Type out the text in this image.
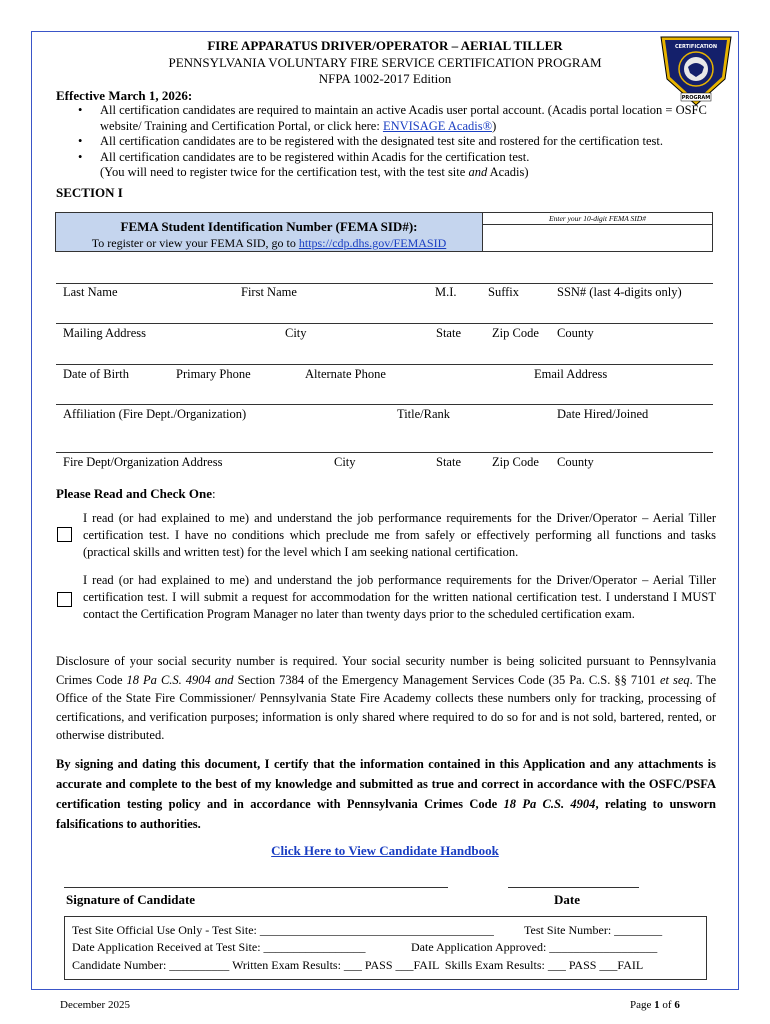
FIRE APPARATUS DRIVER/OPERATOR – AERIAL TILLER
PENNSYLVANIA VOLUNTARY FIRE SERVICE CERTIFICATION PROGRAM
NFPA 1002-2017 Edition
CERTIFICATION
PROGRAM
Effective March 1, 2026:
• All certification candidates are required to maintain an active Acadis user portal account. (Acadis portal location = OSFC website/ Training and Certification Portal, or click here: ENVISAGE Acadis®)
• All certification candidates are to be registered with the designated test site and rostered for the certification test.
• All certification candidates are to be registered within Acadis for the certification test.
(You will need to register twice for the certification test, with the test site and Acadis)
SECTION I
FEMA Student Identification Number (FEMA SID#):
To register or view your FEMA SID, go to https://cdp.dhs.gov/FEMASID
Enter your 10-digit FEMA SID#
Last Name	First Name	M.I.	Suffix	SSN# (last 4-digits only)
Mailing Address	City	State Zip Code County
Date of Birth	Primary Phone	Alternate Phone	Email Address
Affiliation (Fire Dept./Organization)	Title/Rank	Date Hired/Joined
Fire Dept/Organization Address	City	State Zip Code County
Please Read and Check One:
I read (or had explained to me) and understand the job performance requirements for the Driver/Operator – Aerial Tiller certification test. I have no conditions which preclude me from safely or effectively performing all functions and tasks (practical skills and written test) for the level which I am seeking national certification.
I read (or had explained to me) and understand the job performance requirements for the Driver/Operator – Aerial Tiller certification test. I will submit a request for accommodation for the written national certification test. I understand I MUST contact the Certification Program Manager no later than twenty days prior to the scheduled certification exam.
Disclosure of your social security number is required. Your social security number is being solicited pursuant to Pennsylvania Crimes Code 18 Pa C.S. 4904 and Section 7384 of the Emergency Management Services Code (35 Pa. C.S. §§ 7101 et seq. The Office of the State Fire Commissioner/ Pennsylvania State Fire Academy collects these numbers only for tracking, processing of certifications, and verification purposes; information is only shared where required to do so for and is not sold, bartered, rented, or otherwise distributed.
By signing and dating this document, I certify that the information contained in this Application and any attachments is accurate and complete to the best of my knowledge and submitted as true and correct in accordance with the OSFC/PSFA certification testing policy and in accordance with Pennsylvania Crimes Code 18 Pa C.S. 4904, relating to unsworn falsifications to authorities.
Click Here to View Candidate Handbook
Signature of Candidate	Date
Test Site Official Use Only - Test Site: _______________________________________	Test Site Number: ________
Date Application Received at Test Site: _________________	Date Application Approved: __________________
Candidate Number: __________ Written Exam Results: ___ PASS ___FAIL  Skills Exam Results: ___ PASS ___FAIL
December 2025	Page 1 of 6
